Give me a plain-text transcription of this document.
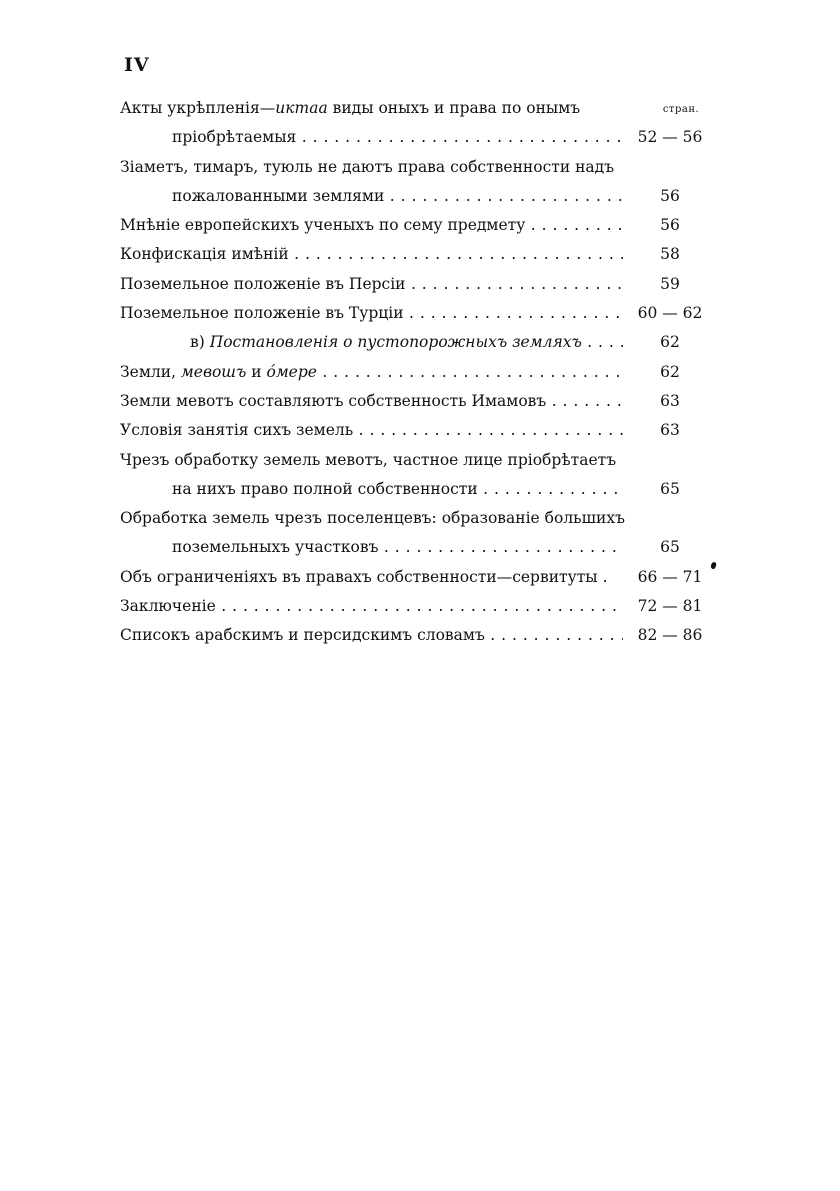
IV
стран.
Акты укрѣпленія—иктаа виды оныхъ и права по онымъ
пріобрѣтаемыя . . .	52 — 56
Зіаметъ, тимаръ, туюль не даютъ права собственности надъ
пожалованными землями . . .	56
Мнѣніе европейскихъ ученыхъ по сему предмету . . .	56
Конфискація имѣній . . .	58
Поземельное положеніе въ Персіи . . .	59
Поземельное положеніе въ Турціи . . .	60 — 62
в) Постановленія о пустопорожныхъ земляхъ . . .	62
Земли, мевошъ и о́мере . . .	62
Земли мевотъ составляютъ собственность Имамовъ . . .	63
Условія занятія сихъ земель . . .	63
Чрезъ обработку земель мевотъ, частное лице пріобрѣтаетъ
на нихъ право полной собственности . . .	65
Обработка земель чрезъ поселенцевъ: образованіе большихъ
поземельныхъ участковъ . . .	65
Объ ограниченіяхъ въ правахъ собственности—сервитуты .	66 — 71
Заключеніе . . .	72 — 81
Списокъ арабскимъ и персидскимъ словамъ . . .	82 — 86
